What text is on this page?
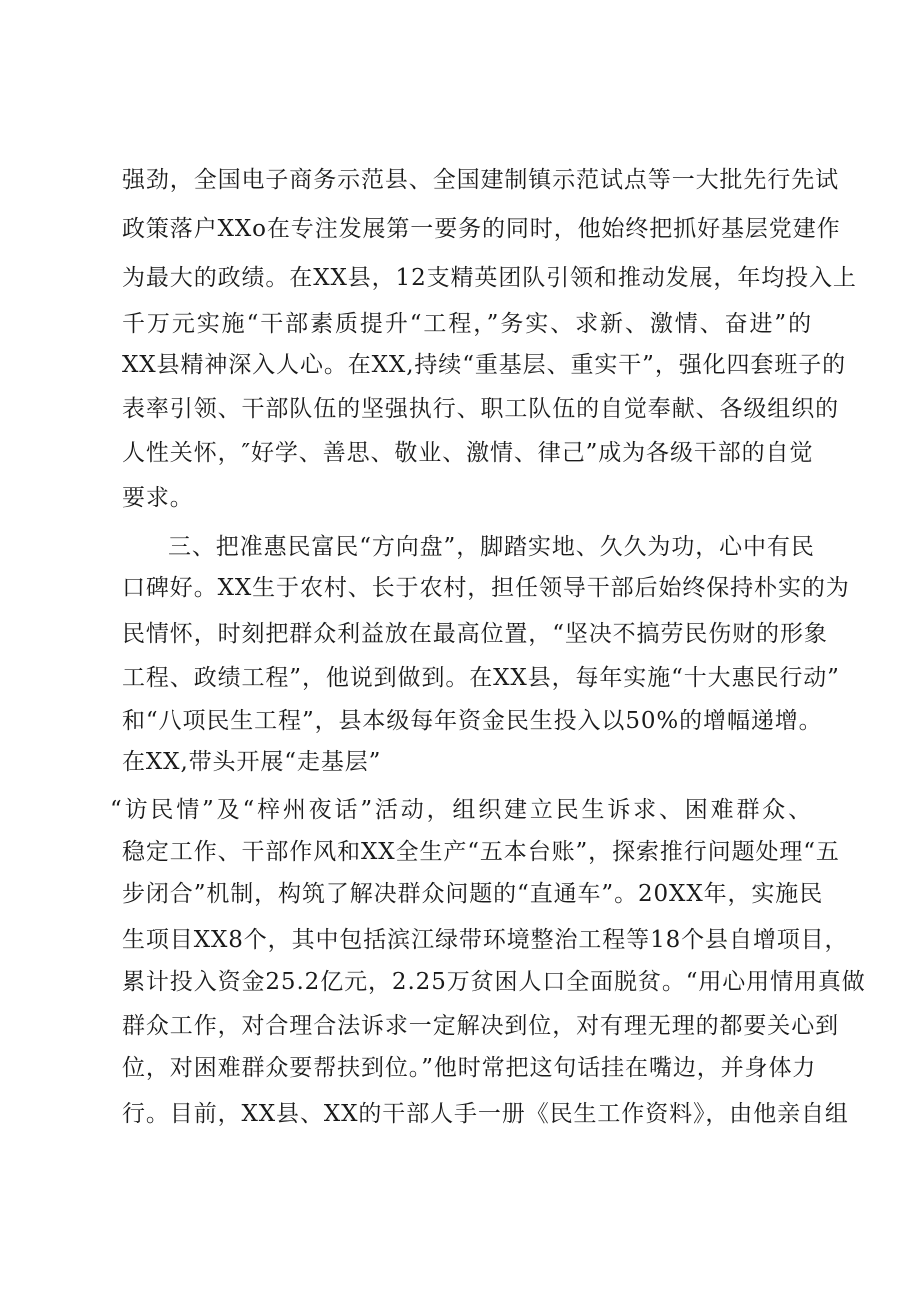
强劲，全国电子商务示范县、全国建制镇示范试点等一大批先行先试
政策落户XXo在专注发展第一要务的同时，他始终把抓好基层党建作
为最大的政绩。在XX县，12支精英团队引领和推动发展，年均投入上
千万元实施“干部素质提升“工程，”务实、求新、激情、奋进”的
XX县精神深入人心。在XX,持续“重基层、重实干”，强化四套班子的
表率引领、干部队伍的坚强执行、职工队伍的自觉奉献、各级组织的
人性关怀，″好学、善思、敬业、激情、律己”成为各级干部的自觉
要求。
三、把准惠民富民“方向盘”，脚踏实地、久久为功，心中有民
口碑好。XX生于农村、长于农村，担任领导干部后始终保持朴实的为
民情怀，时刻把群众利益放在最高位置，“坚决不搞劳民伤财的形象
工程、政绩工程”，他说到做到。在XX县，每年实施“十大惠民行动”
和“八项民生工程”，县本级每年资金民生投入以50%的增幅递增。
在XX,带头开展“走基层”
“访民情”及“梓州夜话”活动，组织建立民生诉求、困难群众、
稳定工作、干部作风和XX全生产“五本台账”，探索推行问题处理“五
步闭合”机制，构筑了解决群众问题的“直通车”。20XX年，实施民
生项目XX8个，其中包括滨江绿带环境整治工程等18个县自增项目，
累计投入资金25.2亿元，2.25万贫困人口全面脱贫。“用心用情用真做
群众工作，对合理合法诉求一定解决到位，对有理无理的都要关心到
位，对困难群众要帮扶到位。”他时常把这句话挂在嘴边，并身体力
行。目前，XX县、XX的干部人手一册《民生工作资料》，由他亲自组
